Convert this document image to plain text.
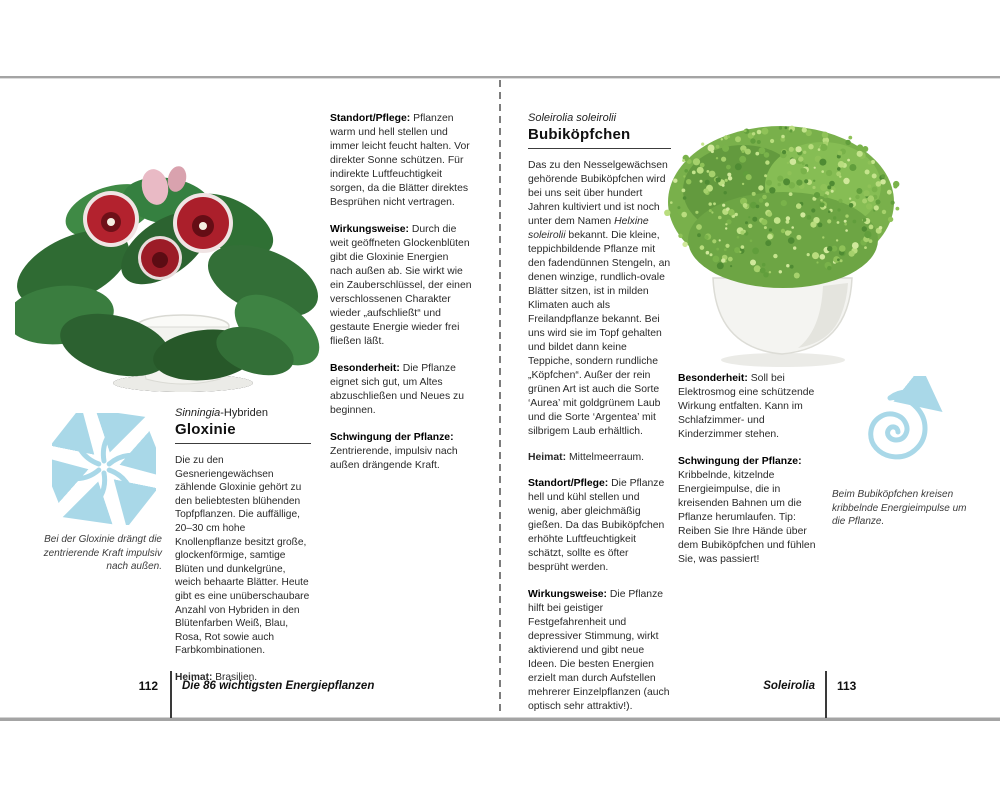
Bei der Gloxinie drängt die zentrierende Kraft impulsiv nach außen.
Sinningia-Hybriden
Gloxinie

Die zu den Gesneriengewächsen zählende Gloxinie gehört zu den beliebtesten blühenden Topfpflanzen. Die auffällige, 20–30 cm hohe Knollenpflanze besitzt große, glockenförmige, samtige Blüten und dunkelgrüne, weich behaarte Blätter. Heute gibt es eine unüberschaubare Anzahl von Hybriden in den Blütenfarben Weiß, Blau, Rosa, Rot sowie auch Farbkombinationen.

Heimat: Brasilien.

Standort/Pflege: Pflanzen warm und hell stellen und immer leicht feucht halten. Vor direkter Sonne schützen. Für indirekte Luftfeuchtigkeit sorgen, da die Blätter direktes Besprühen nicht vertragen.

Wirkungsweise: Durch die weit geöffneten Glockenblüten gibt die Gloxinie Energien nach außen ab. Sie wirkt wie ein Zauberschlüssel, der einen verschlossenen Charakter wieder „aufschließt“ und gestaute Energie wieder frei fließen läßt.

Besonderheit: Die Pflanze eignet sich gut, um Altes abzuschließen und Neues zu beginnen.

Schwingung der Pflanze: Zentrierende, impulsiv nach außen drängende Kraft.

112 Die 86 wichtigsten Energiepflanzen
Soleirolia soleirolii
Bubiköpfchen

Das zu den Nesselgewächsen gehörende Bubiköpfchen wird bei uns seit über hundert Jahren kultiviert und ist noch unter dem Namen Helxine soleirolii bekannt. Die kleine, teppichbildende Pflanze mit den fadendünnen Stengeln, an denen winzige, rundlich-ovale Blätter sitzen, ist in milden Klimaten auch als Freilandpflanze bekannt. Bei uns wird sie im Topf gehalten und bildet dann keine Teppiche, sondern rundliche „Köpfchen“. Außer der rein grünen Art ist auch die Sorte ‘Aurea’ mit goldgrünem Laub und die Sorte ‘Argentea’ mit silbrigem Laub erhältlich.

Heimat: Mittelmeerraum.

Standort/Pflege: Die Pflanze hell und kühl stellen und wenig, aber gleichmäßig gießen. Da das Bubiköpfchen erhöhte Luftfeuchtigkeit schätzt, sollte es öfter besprüht werden.

Wirkungsweise: Die Pflanze hilft bei geistiger Festgefahrenheit und depressiver Stimmung, wirkt aktivierend und gibt neue Ideen. Die besten Energien erzielt man durch Aufstellen mehrerer Einzelpflanzen (auch optisch sehr attraktiv!).

Besonderheit: Soll bei Elektrosmog eine schützende Wirkung entfalten. Kann im Schlafzimmer- und Kinderzimmer stehen.

Schwingung der Pflanze: Kribbelnde, kitzelnde Energieimpulse, die in kreisenden Bahnen um die Pflanze herumlaufen. Tip: Reiben Sie Ihre Hände über dem Bubiköpfchen und fühlen Sie, was passiert!

Beim Bubiköpfchen kreisen kribbelnde Energieimpulse um die Pflanze.
Soleirolia 113
